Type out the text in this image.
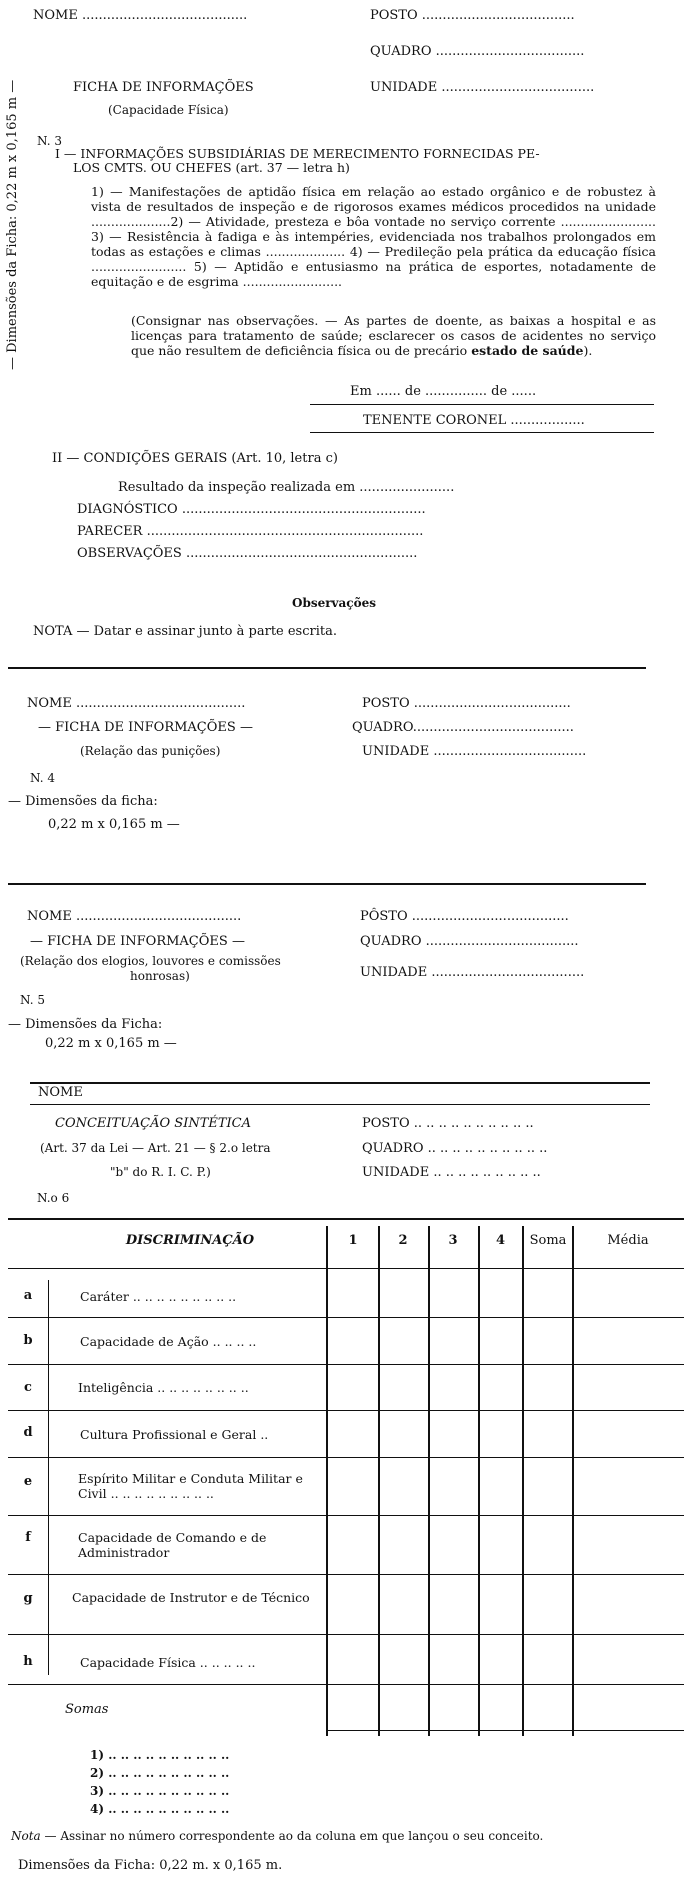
— Dimensões da Ficha: 0,22 m x 0,165 m —
NOME ........................................	POSTO .....................................
QUADRO ....................................
FICHA DE INFORMAÇÕES	UNIDADE .....................................
(Capacidade Física)
N. 3
I — INFORMAÇÕES SUBSIDIÁRIAS DE MERECIMENTO FORNECIDAS PE-
LOS CMTS. OU CHEFES (art. 37 — letra h)
1) — Manifestações de aptidão física em relação ao estado orgânico e de robustez à vista de resultados de inspeção e de rigorosos exames médicos procedidos na unidade ....................2) — Atividade, presteza e bôa vontade no serviço corrente ........................ 3) — Resistência à fadiga e às intempéries, evidenciada nos trabalhos prolongados em todas as estações e climas .................... 4) — Predileção pela prática da educação física ........................ 5) — Aptidão e entusiasmo na prática de esportes, notadamente de equitação e de esgrima .........................
(Consignar nas observações. — As partes de doente, as baixas a hospital e as licenças para tratamento de saúde; esclarecer os casos de acidentes no serviço que não resultem de deficiência física ou de precário estado de saúde).
Em ...... de ............... de ......
TENENTE CORONEL ..................
II — CONDIÇÕES GERAIS (Art. 10, letra c)
Resultado da inspeção realizada em .......................
DIAGNÓSTICO ...........................................................
PARECER ...................................................................
OBSERVAÇÕES ........................................................
Observações
NOTA — Datar e assinar junto à parte escrita.
NOME .........................................	POSTO ......................................
— FICHA DE INFORMAÇÕES —	QUADRO.......................................
(Relação das punições)	UNIDADE .....................................
N. 4
— Dimensões da ficha:
0,22 m x 0,165 m —
NOME ........................................	PÔSTO ......................................
— FICHA DE INFORMAÇÕES —	QUADRO .....................................
(Relação dos elogios, louvores e comissões
honrosas)	UNIDADE .....................................
N. 5
— Dimensões da Ficha:
0,22 m x 0,165 m —
NOME
CONCEITUAÇÃO SINTÉTICA	POSTO .. .. .. .. .. .. .. .. .. ..
(Art. 37 da Lei — Art. 21 — § 2.o letra	QUADRO .. .. .. .. .. .. .. .. .. ..
"b" do R. I. C. P.)	UNIDADE .. .. .. .. .. .. .. .. ..
N.o 6
DISCRIMINAÇÃO	1	2	3	4	Soma	Média
a	Caráter .. .. .. .. .. .. .. .. ..
b	Capacidade de Ação .. .. .. ..
c	Inteligência .. .. .. .. .. .. .. ..
d	Cultura Profissional e Geral ..
e	Espírito Militar e Conduta Militar e Civil .. .. .. .. .. .. .. .. ..
f	Capacidade de Comando e de Administrador
g	Capacidade de Instrutor e de Técnico
h	Capacidade Física .. .. .. .. ..
Somas
1) .. .. .. .. .. .. .. .. .. ..
2) .. .. .. .. .. .. .. .. .. ..
3) .. .. .. .. .. .. .. .. .. ..
4) .. .. .. .. .. .. .. .. .. ..
Nota — Assinar no número correspondente ao da coluna em que lançou o seu conceito.
Dimensões da Ficha: 0,22 m. x 0,165 m.
